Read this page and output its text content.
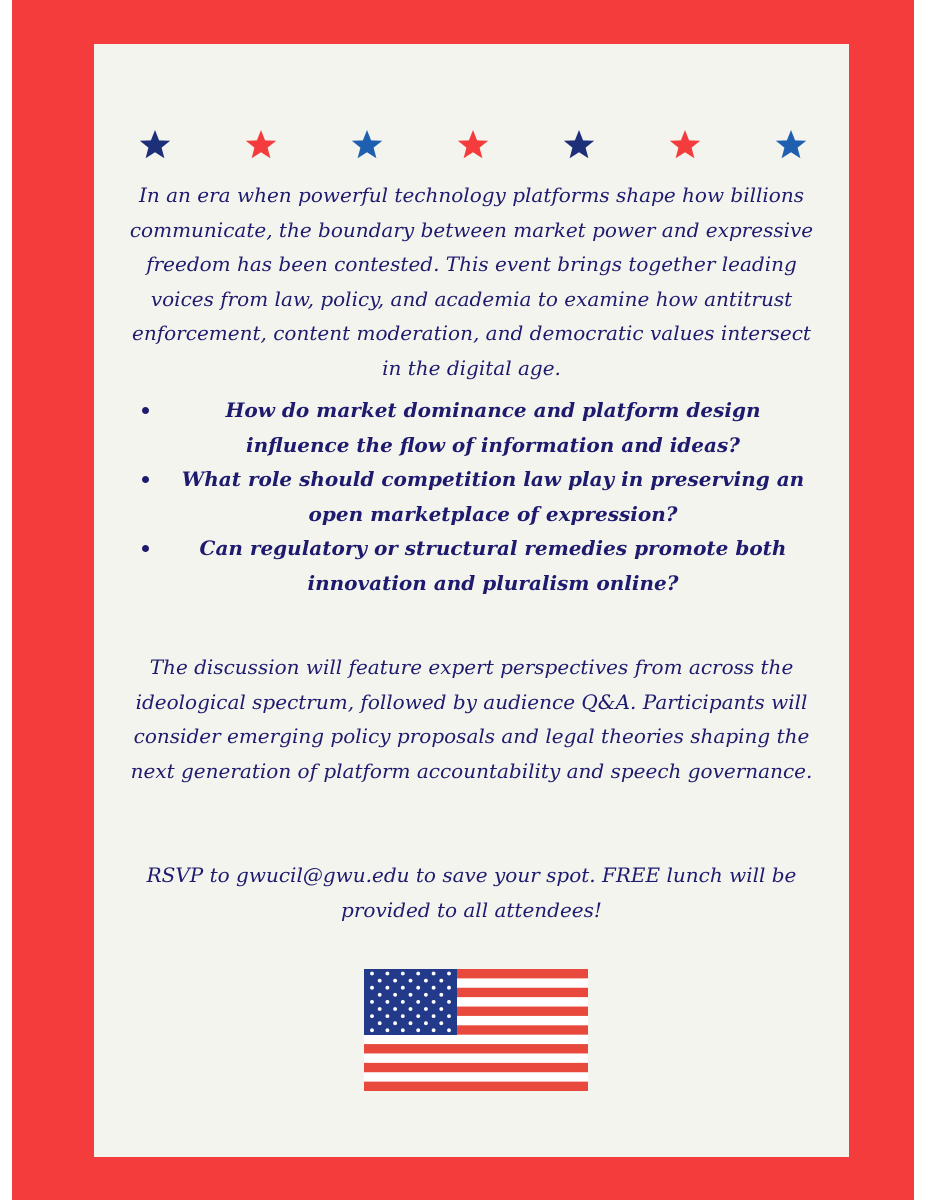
In an era when powerful technology platforms shape how billions communicate, the boundary between market power and expressive freedom has been contested. This event brings together leading voices from law, policy, and academia to examine how antitrust enforcement, content moderation, and democratic values intersect in the digital age.

How do market dominance and platform design influence the flow of information and ideas?
What role should competition law play in preserving an open marketplace of expression?
Can regulatory or structural remedies promote both innovation and pluralism online?

The discussion will feature expert perspectives from across the ideological spectrum, followed by audience Q&A. Participants will consider emerging policy proposals and legal theories shaping the next generation of platform accountability and speech governance.

RSVP to gwucil@gwu.edu to save your spot. FREE lunch will be provided to all attendees!
